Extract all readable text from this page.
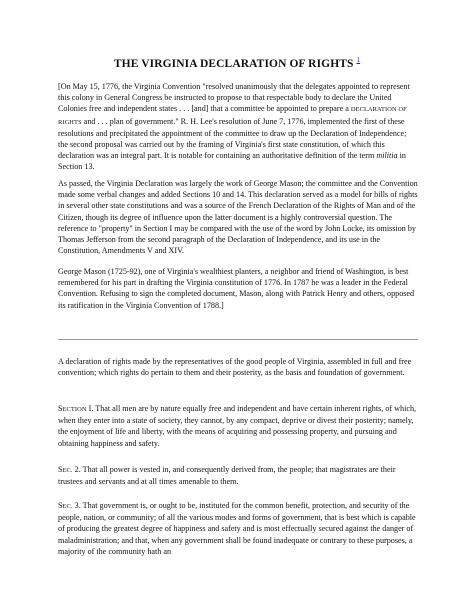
THE VIRGINIA DECLARATION OF RIGHTS $^1$

[On May 15, 1776, the Virginia Convention "resolved unanimously that the delegates appointed to represent this colony in General Congress be instructed to propose to that respectable body to declare the United Colonies free and independent states . . . [and] that a committee be appointed to prepare a DECLARATION OF RIGHTS and . . . plan of government." R. H. Lee's resolution of June 7, 1776, implemented the first of these resolutions and precipitated the appointment of the committee to draw up the Declaration of Independence; the second proposal was carried out by the framing of Virginia's first state constitution, of which this declaration was an integral part. It is notable for containing an authoritative definition of the term militia in Section 13.

As passed, the Virginia Declaration was largely the work of George Mason; the committee and the Convention made some verbal changes and added Sections 10 and 14. This declaration served as a model for bills of rights in several other state constitutions and was a source of the French Declaration of the Rights of Man and of the Citizen, though its degree of influence upon the latter document is a highly controversial question. The reference to "property" in Section I may be compared with the use of the word by John Locke, its omission by Thomas Jefferson from the second paragraph of the Declaration of Independence, and its use in the Constitution, Amendments V and XIV.

George Mason (1725-92), one of Virginia's wealthiest planters, a neighbor and friend of Washington, is best remembered for his part in drafting the Virginia constitution of 1776. In 1787 he was a leader in the Federal Convention. Refusing to sign the completed document, Mason, along with Patrick Henry and others, opposed its ratification in the Virginia Convention of 1788.]

A declaration of rights made by the representatives of the good people of Virginia, assembled in full and free convention; which rights do pertain to them and their posterity, as the basis and foundation of government.

SECTION I. That all men are by nature equally free and independent and have certain inherent rights, of which, when they enter into a state of society, they cannot, by any compact, deprive or divest their posterity; namely, the enjoyment of life and liberty, with the means of acquiring and possessing property, and pursuing and obtaining happiness and safety.

SEC. 2. That all power is vested in, and consequently derived from, the people; that magistrates are their trustees and servants and at all times amenable to them.

SEC. 3. That government is, or ought to be, instituted for the common benefit, protection, and security of the people, nation, or community; of all the various modes and forms of government, that is best which is capable of producing the greatest degree of happiness and safety and is most effectually secured against the danger of maladministration; and that, when any government shall be found inadequate or contrary to these purposes, a majority of the community hath an
